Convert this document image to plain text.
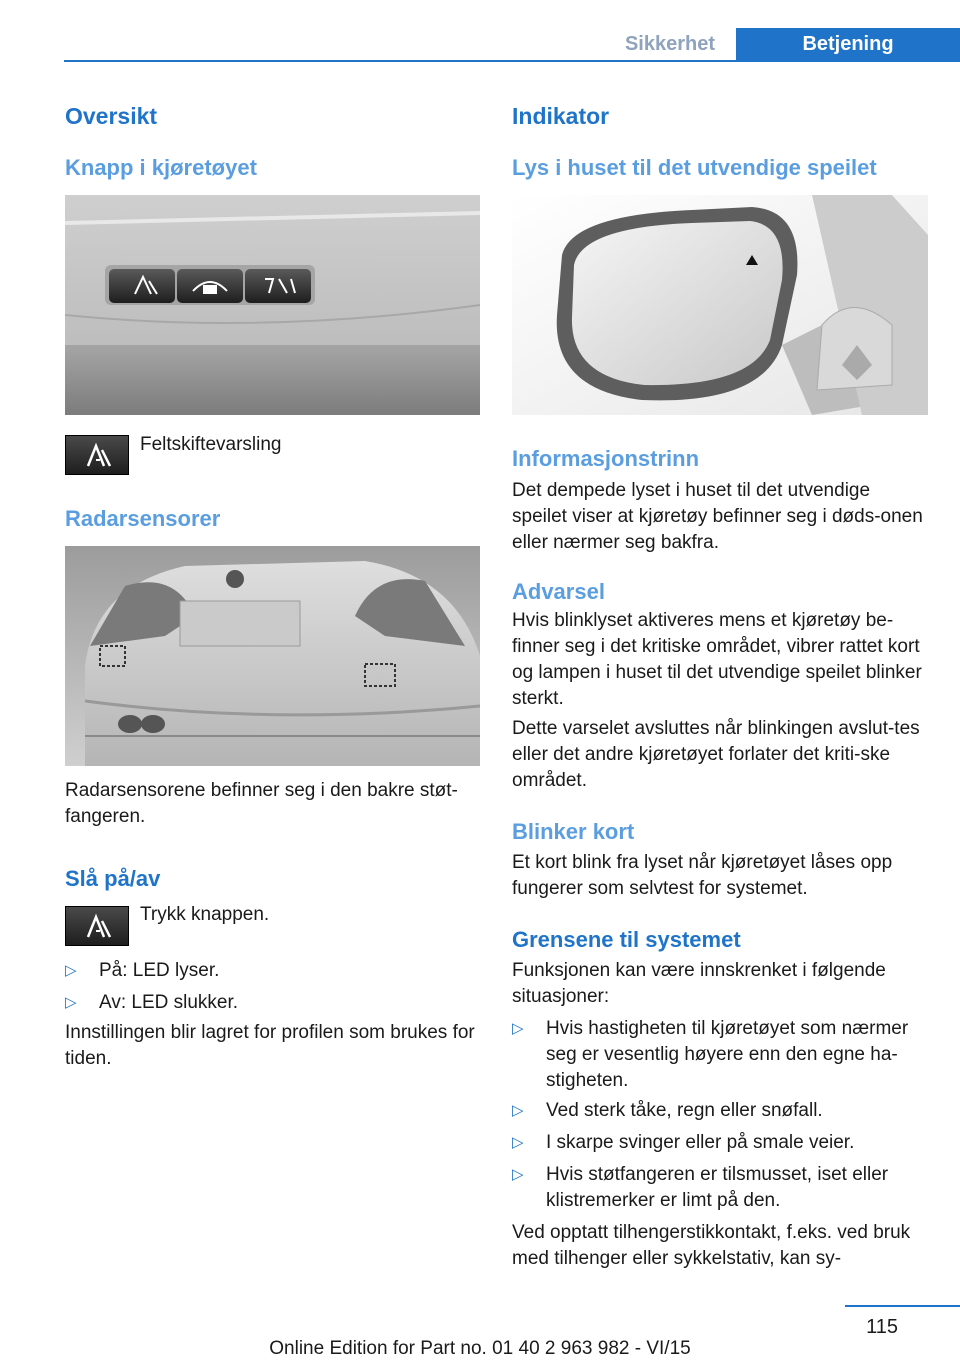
Sikkerhet	Betjening
Oversikt
Knapp i kjøretøyet
Feltskiftevarsling
Radarsensorer
Radarsensorene befinner seg i den bakre støt-fangeren.
Slå på/av
Trykk knappen.
▷ På: LED lyser.
▷ Av: LED slukker.
Innstillingen blir lagret for profilen som brukes for tiden.
Indikator
Lys i huset til det utvendige speilet
Informasjonstrinn
Det dempede lyset i huset til det utvendige speilet viser at kjøretøy befinner seg i døds-onen eller nærmer seg bakfra.
Advarsel
Hvis blinklyset aktiveres mens et kjøretøy be-finner seg i det kritiske området, vibrer rattet kort og lampen i huset til det utvendige speilet blinker sterkt.
Dette varselet avsluttes når blinkingen avslut-tes eller det andre kjøretøyet forlater det kriti-ske området.
Blinker kort
Et kort blink fra lyset når kjøretøyet låses opp fungerer som selvtest for systemet.
Grensene til systemet
Funksjonen kan være innskrenket i følgende situasjoner:
▷ Hvis hastigheten til kjøretøyet som nærmer seg er vesentlig høyere enn den egne ha-stigheten.
▷ Ved sterk tåke, regn eller snøfall.
▷ I skarpe svinger eller på smale veier.
▷ Hvis støtfangeren er tilsmusset, iset eller klistremerker er limt på den.
Ved opptatt tilhengerstikkontakt, f.eks. ved bruk med tilhenger eller sykkelstativ, kan sy-
115
Online Edition for Part no. 01 40 2 963 982 - VI/15
